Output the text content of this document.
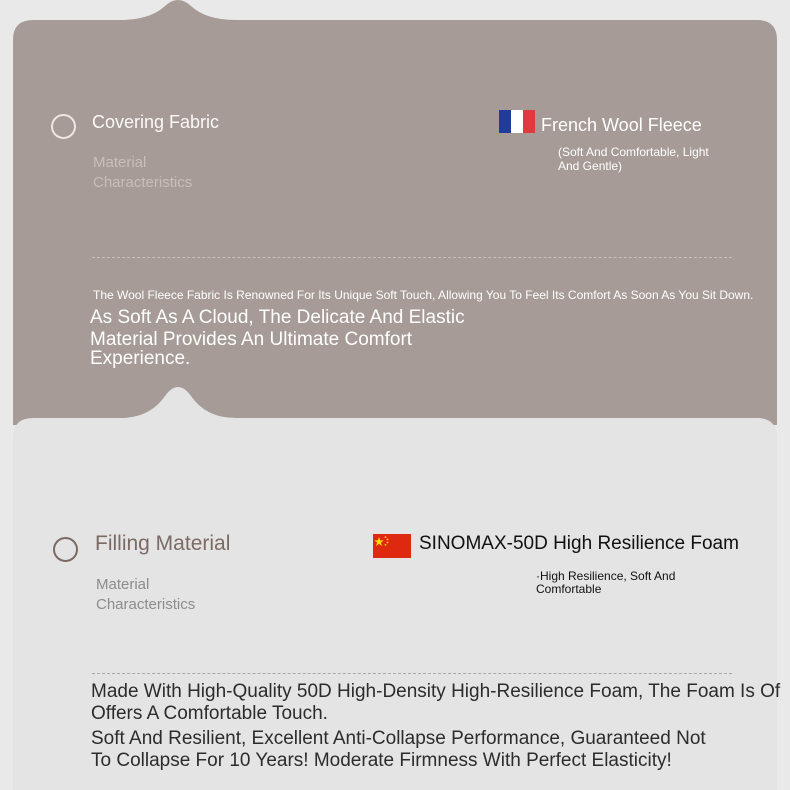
Covering Fabric
Material
Characteristics
French Wool Fleece
(Soft And Comfortable, Light
And Gentle)
The Wool Fleece Fabric Is Renowned For Its Unique Soft Touch, Allowing You To Feel Its Comfort As Soon As You Sit Down.
As Soft As A Cloud, The Delicate And Elastic
Material Provides An Ultimate Comfort
Experience.
Filling Material
Material
Characteristics
SINOMAX-50D High Resilience Foam
·High Resilience, Soft And
Comfortable
Made With High-Quality 50D High-Density High-Resilience Foam, The Foam Is Of
Offers A Comfortable Touch.
Soft And Resilient, Excellent Anti-Collapse Performance, Guaranteed Not
To Collapse For 10 Years! Moderate Firmness With Perfect Elasticity!
